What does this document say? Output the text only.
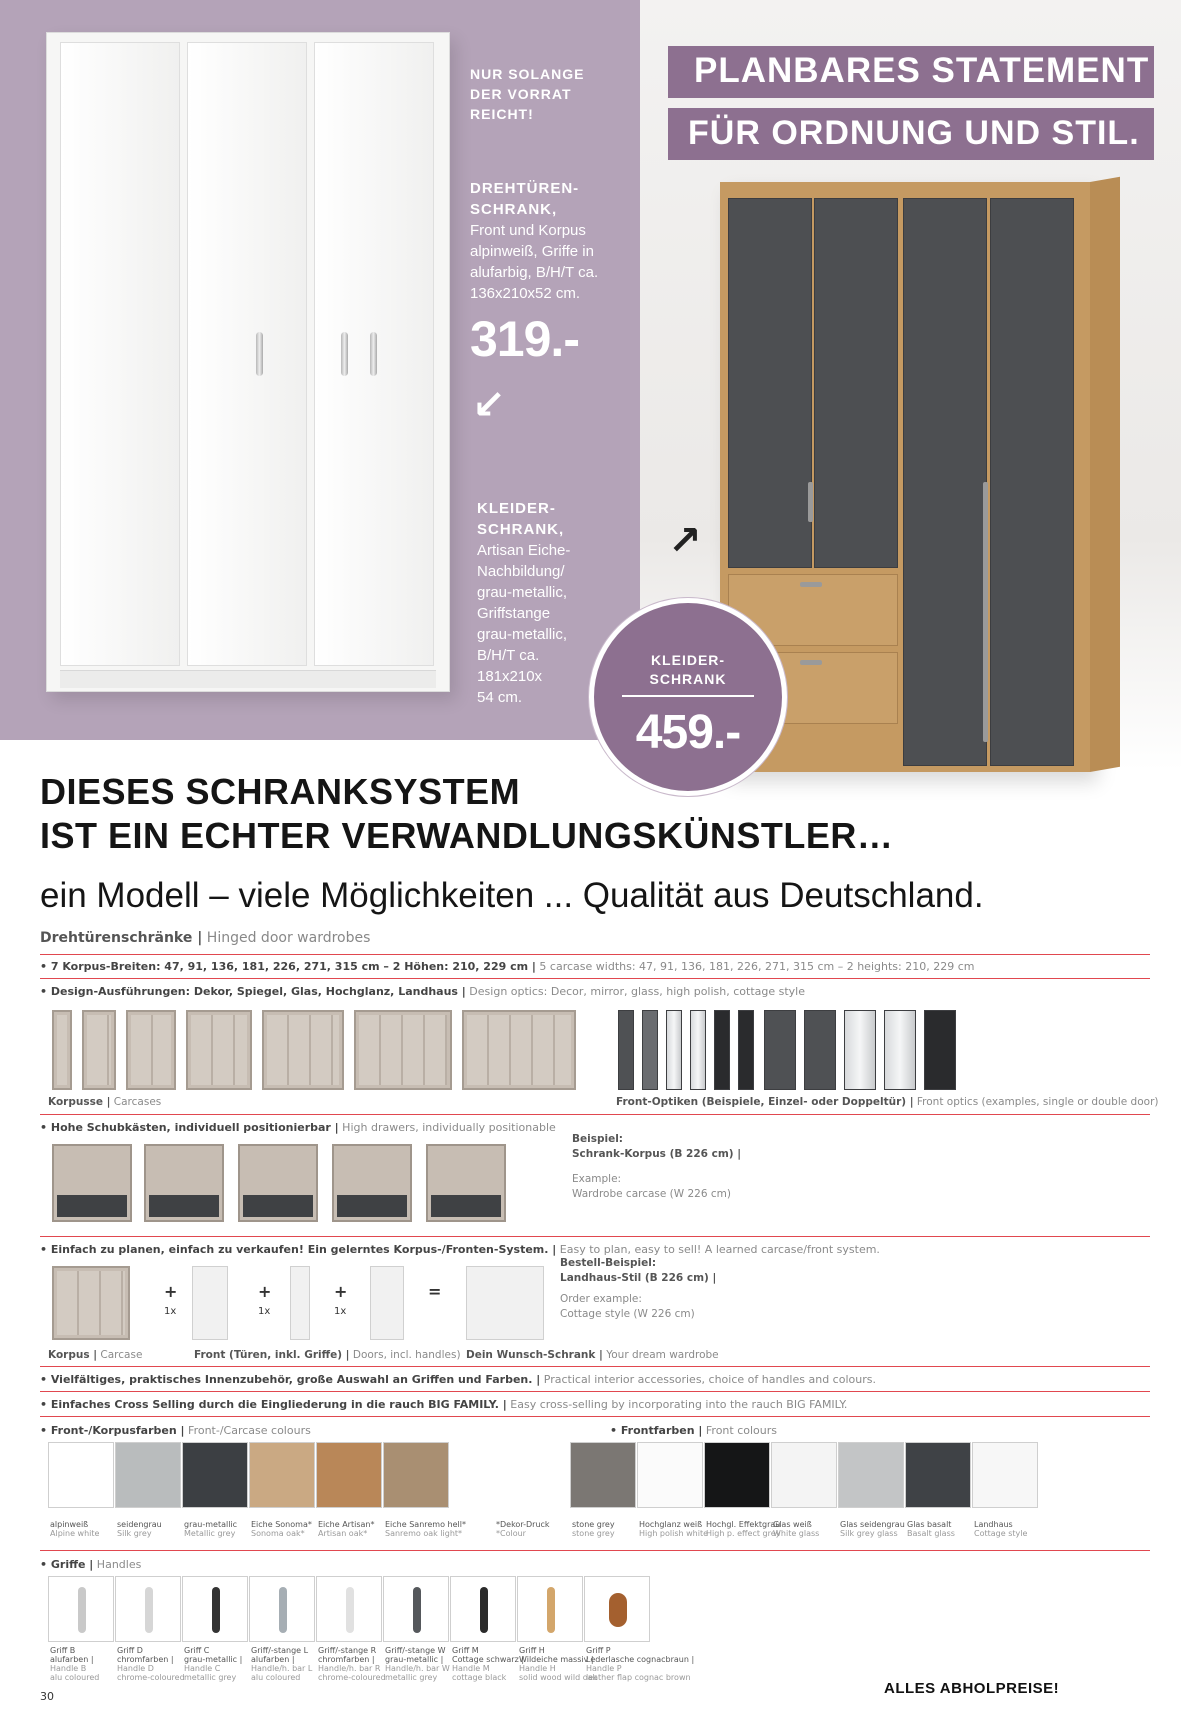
NUR SOLANGE
DER VORRAT
REICHT!
DREHTÜREN-
SCHRANK,
Front und Korpus
alpinweiß, Griffe in
alufarbig, B/H/T ca.
136x210x52 cm.
319.-
↙
KLEIDER-
SCHRANK,
Artisan Eiche-
Nachbildung/
grau-metallic,
Griffstange
grau-metallic,
B/H/T ca.
181x210x
54 cm.
↗
PLANBARES STATEMENT
FÜR ORDNUNG UND STIL.
KLEIDER-
SCHRANK
459.-
DIESES SCHRANKSYSTEM
IST EIN ECHTER VERWANDLUNGSKÜNSTLER…
ein Modell – viele Möglichkeiten ... Qualität aus Deutschland.
Drehtürenschränke | Hinged door wardrobes
• 7 Korpus-Breiten: 47, 91, 136, 181, 226, 271, 315 cm – 2 Höhen: 210, 229 cm | 5 carcase widths: 47, 91, 136, 181, 226, 271, 315 cm – 2 heights: 210, 229 cm
• Design-Ausführungen: Dekor, Spiegel, Glas, Hochglanz, Landhaus | Design optics: Decor, mirror, glass, high polish, cottage style
Korpusse | Carcases	Front-Optiken (Beispiele, Einzel- oder Doppeltür) | Front optics (examples, single or double door)
• Hohe Schubkästen, individuell positionierbar | High drawers, individually positionable
Beispiel:
Schrank-Korpus (B 226 cm) |
Example:
Wardrobe carcase (W 226 cm)
• Einfach zu planen, einfach zu verkaufen! Ein gelerntes Korpus-/Fronten-System. | Easy to plan, easy to sell! A learned carcase/front system.
+
1x
+
1x
+
1x
=
Bestell-Beispiel:
Landhaus-Stil (B 226 cm) |
Order example:
Cottage style (W 226 cm)
Korpus | Carcase	Front (Türen, inkl. Griffe) | Doors, incl. handles) Dein Wunsch-Schrank | Your dream wardrobe
• Vielfältiges, praktisches Innenzubehör, große Auswahl an Griffen und Farben. | Practical interior accessories, choice of handles and colours.
• Einfaches Cross Selling durch die Eingliederung in die rauch BIG FAMILY. | Easy cross-selling by incorporating into the rauch BIG FAMILY.
• Front-/Korpusfarben | Front-/Carcase colours	• Frontfarben | Front colours
*Dekor-Druck
*Colour
• Griffe | Handles
alpinweiß
Alpine white
seidengrau
Silk grey
grau-metallic
Metallic grey
Eiche Sonoma*
Sonoma oak*
Eiche Artisan*
Artisan oak*
Eiche Sanremo hell*
Sanremo oak light*
stone grey
stone grey
Hochglanz weiß
High polish white
Hochgl. Effektgrau
High p. effect grey
Glas weiß
White glass
Glas seidengrau
Silk grey glass
Glas basalt
Basalt glass
Landhaus
Cottage style
Griff B
alufarben |
Handle B
alu coloured
Griff D
chromfarben |
Handle D
chrome-coloured
Griff C
grau-metallic |
Handle C
metallic grey
Griff/-stange L
alufarben |
Handle/h. bar L
alu coloured
Griff/-stange R
chromfarben |
Handle/h. bar R
chrome-coloured
Griff/-stange W
grau-metallic |
Handle/h. bar W
metallic grey
Griff M
Cottage schwarz |
Handle M
cottage black
Griff H
Wildeiche massiv |
Handle H
solid wood wild oak
Griff P
Lederlasche cognacbraun |
Handle P
leather flap cognac brown
30	ALLES ABHOLPREISE!
